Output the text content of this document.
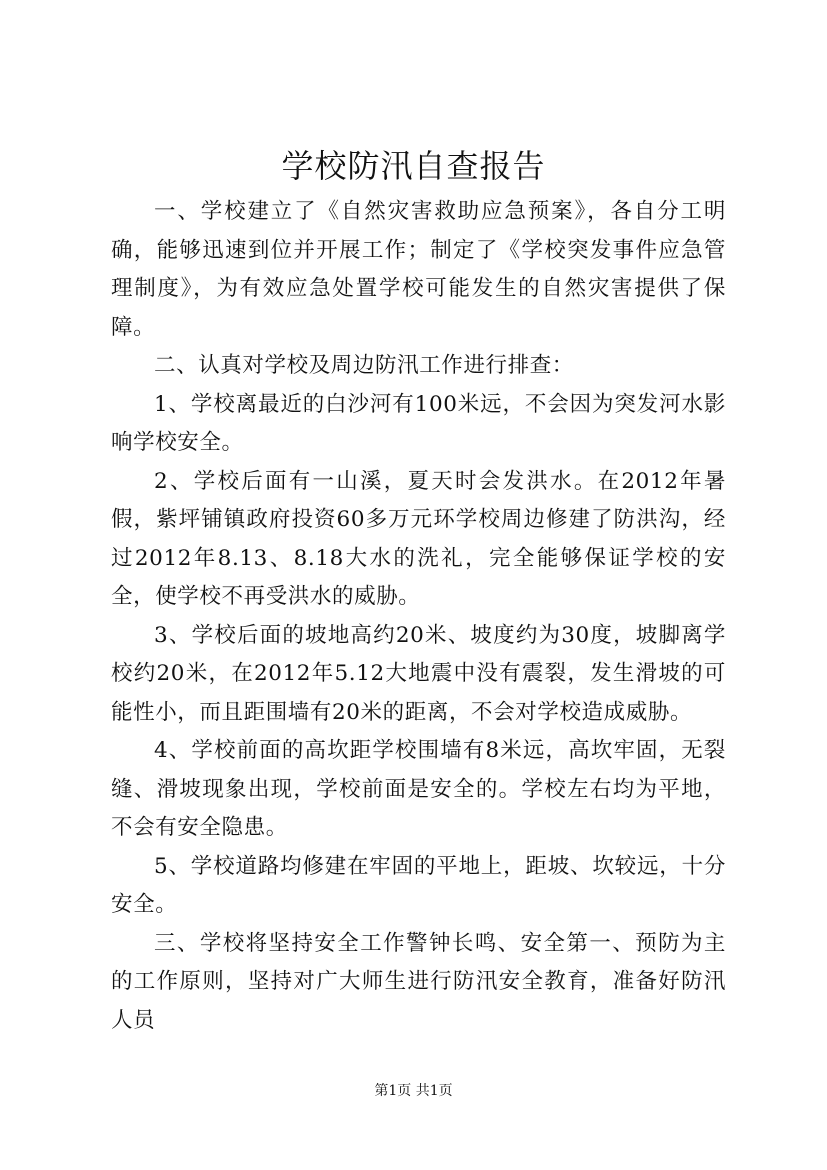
学校防汛自查报告

一、学校建立了《自然灾害救助应急预案》，各自分工明确，能够迅速到位并开展工作；制定了《学校突发事件应急管理制度》，为有效应急处置学校可能发生的自然灾害提供了保障。

二、认真对学校及周边防汛工作进行排查：

1、学校离最近的白沙河有100米远，不会因为突发河水影响学校安全。

2、学校后面有一山溪，夏天时会发洪水。在2012年暑假，紫坪铺镇政府投资60多万元环学校周边修建了防洪沟，经过2012年8.13、8.18大水的洗礼，完全能够保证学校的安全，使学校不再受洪水的威胁。

3、学校后面的坡地高约20米、坡度约为30度，坡脚离学校约20米，在2012年5.12大地震中没有震裂，发生滑坡的可能性小，而且距围墙有20米的距离，不会对学校造成威胁。

4、学校前面的高坎距学校围墙有8米远，高坎牢固，无裂缝、滑坡现象出现，学校前面是安全的。学校左右均为平地，不会有安全隐患。

5、学校道路均修建在牢固的平地上，距坡、坎较远，十分安全。

三、学校将坚持安全工作警钟长鸣、安全第一、预防为主的工作原则，坚持对广大师生进行防汛安全教育，准备好防汛人员

第1页 共1页
